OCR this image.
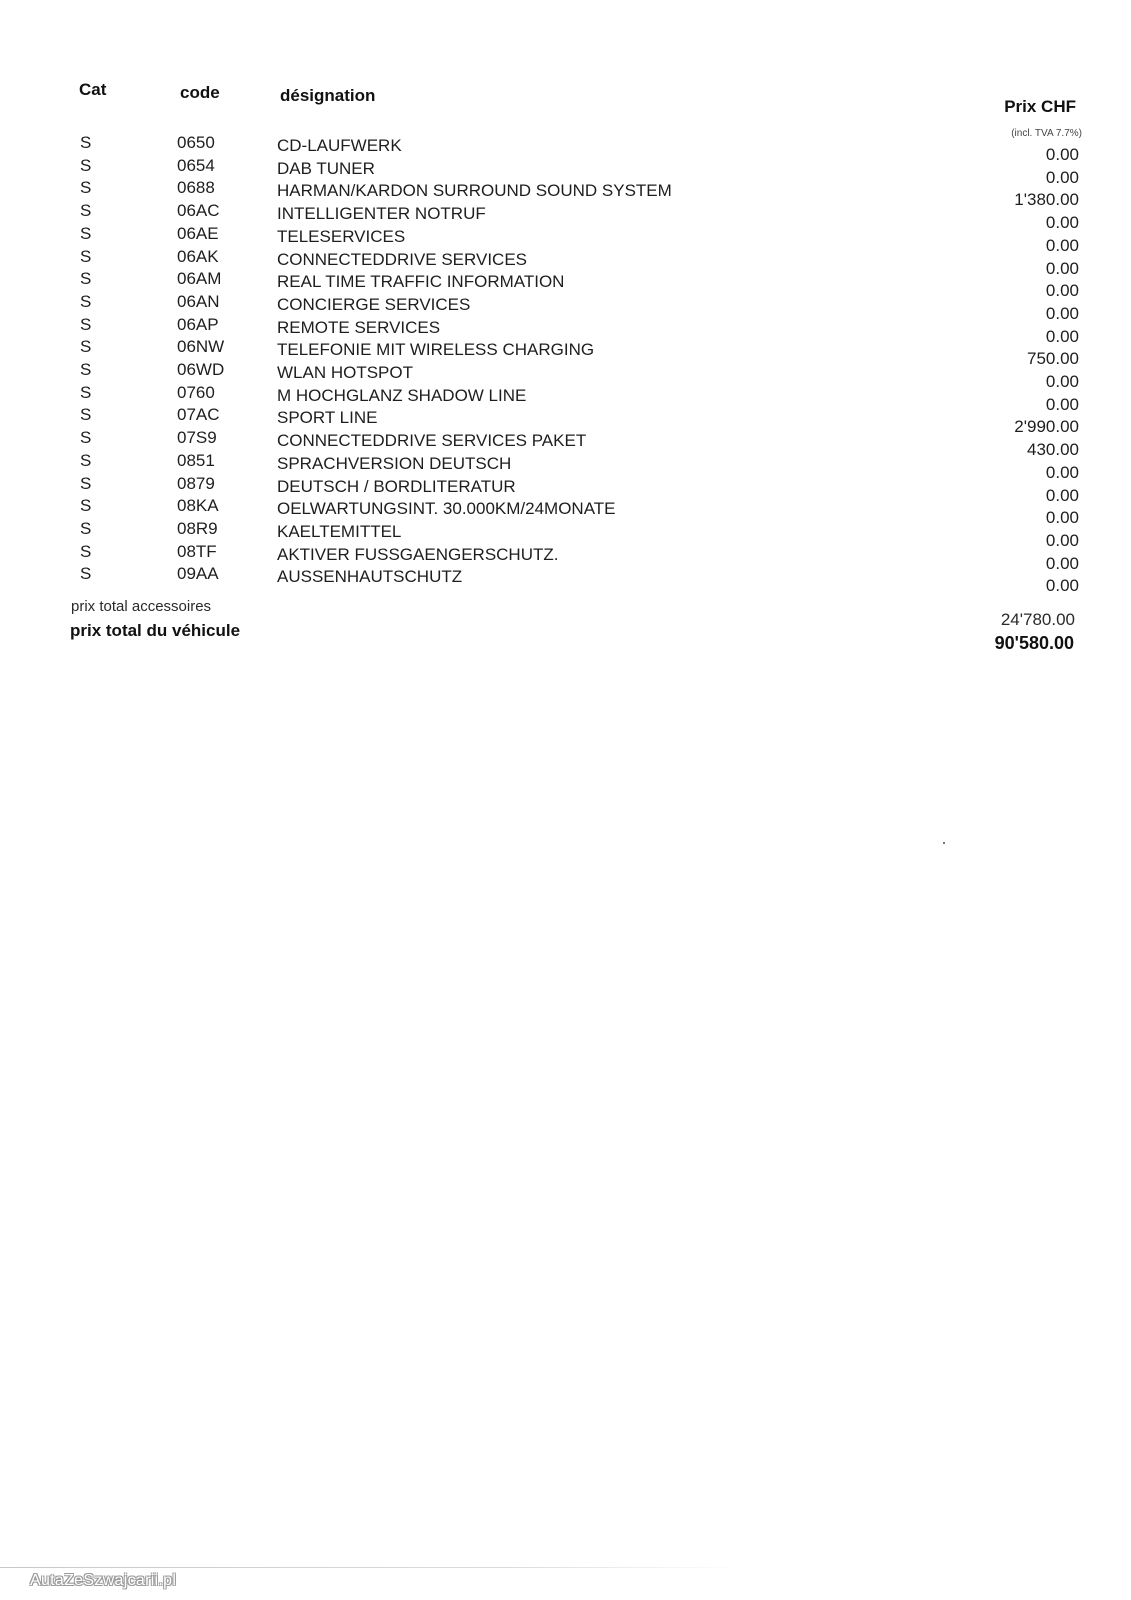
Cat	code	désignation
Prix CHF
(incl. TVA 7.7%)
S	0650	CD-LAUFWERK	0.00
S	0654	DAB TUNER	0.00
S	0688	HARMAN/KARDON SURROUND SOUND SYSTEM	1'380.00
S	06AC	INTELLIGENTER NOTRUF	0.00
S	06AE	TELESERVICES	0.00
S	06AK	CONNECTEDDRIVE SERVICES	0.00
S	06AM	REAL TIME TRAFFIC INFORMATION	0.00
S	06AN	CONCIERGE SERVICES	0.00
S	06AP	REMOTE SERVICES	0.00
S	06NW	TELEFONIE MIT WIRELESS CHARGING	750.00
S	06WD	WLAN HOTSPOT	0.00
S	0760	M HOCHGLANZ SHADOW LINE	0.00
S	07AC	SPORT LINE	2'990.00
S	07S9	CONNECTEDDRIVE SERVICES PAKET	430.00
S	0851	SPRACHVERSION DEUTSCH	0.00
S	0879	DEUTSCH / BORDLITERATUR	0.00
S	08KA	OELWARTUNGSINT. 30.000KM/24MONATE	0.00
S	08R9	KAELTEMITTEL	0.00
S	08TF	AKTIVER FUSSGAENGERSCHUTZ.	0.00
S	09AA	AUSSENHAUTSCHUTZ	0.00
prix total accessoires
24'780.00
prix total du véhicule
90'580.00
AutaZeSzwajcarii.pl
